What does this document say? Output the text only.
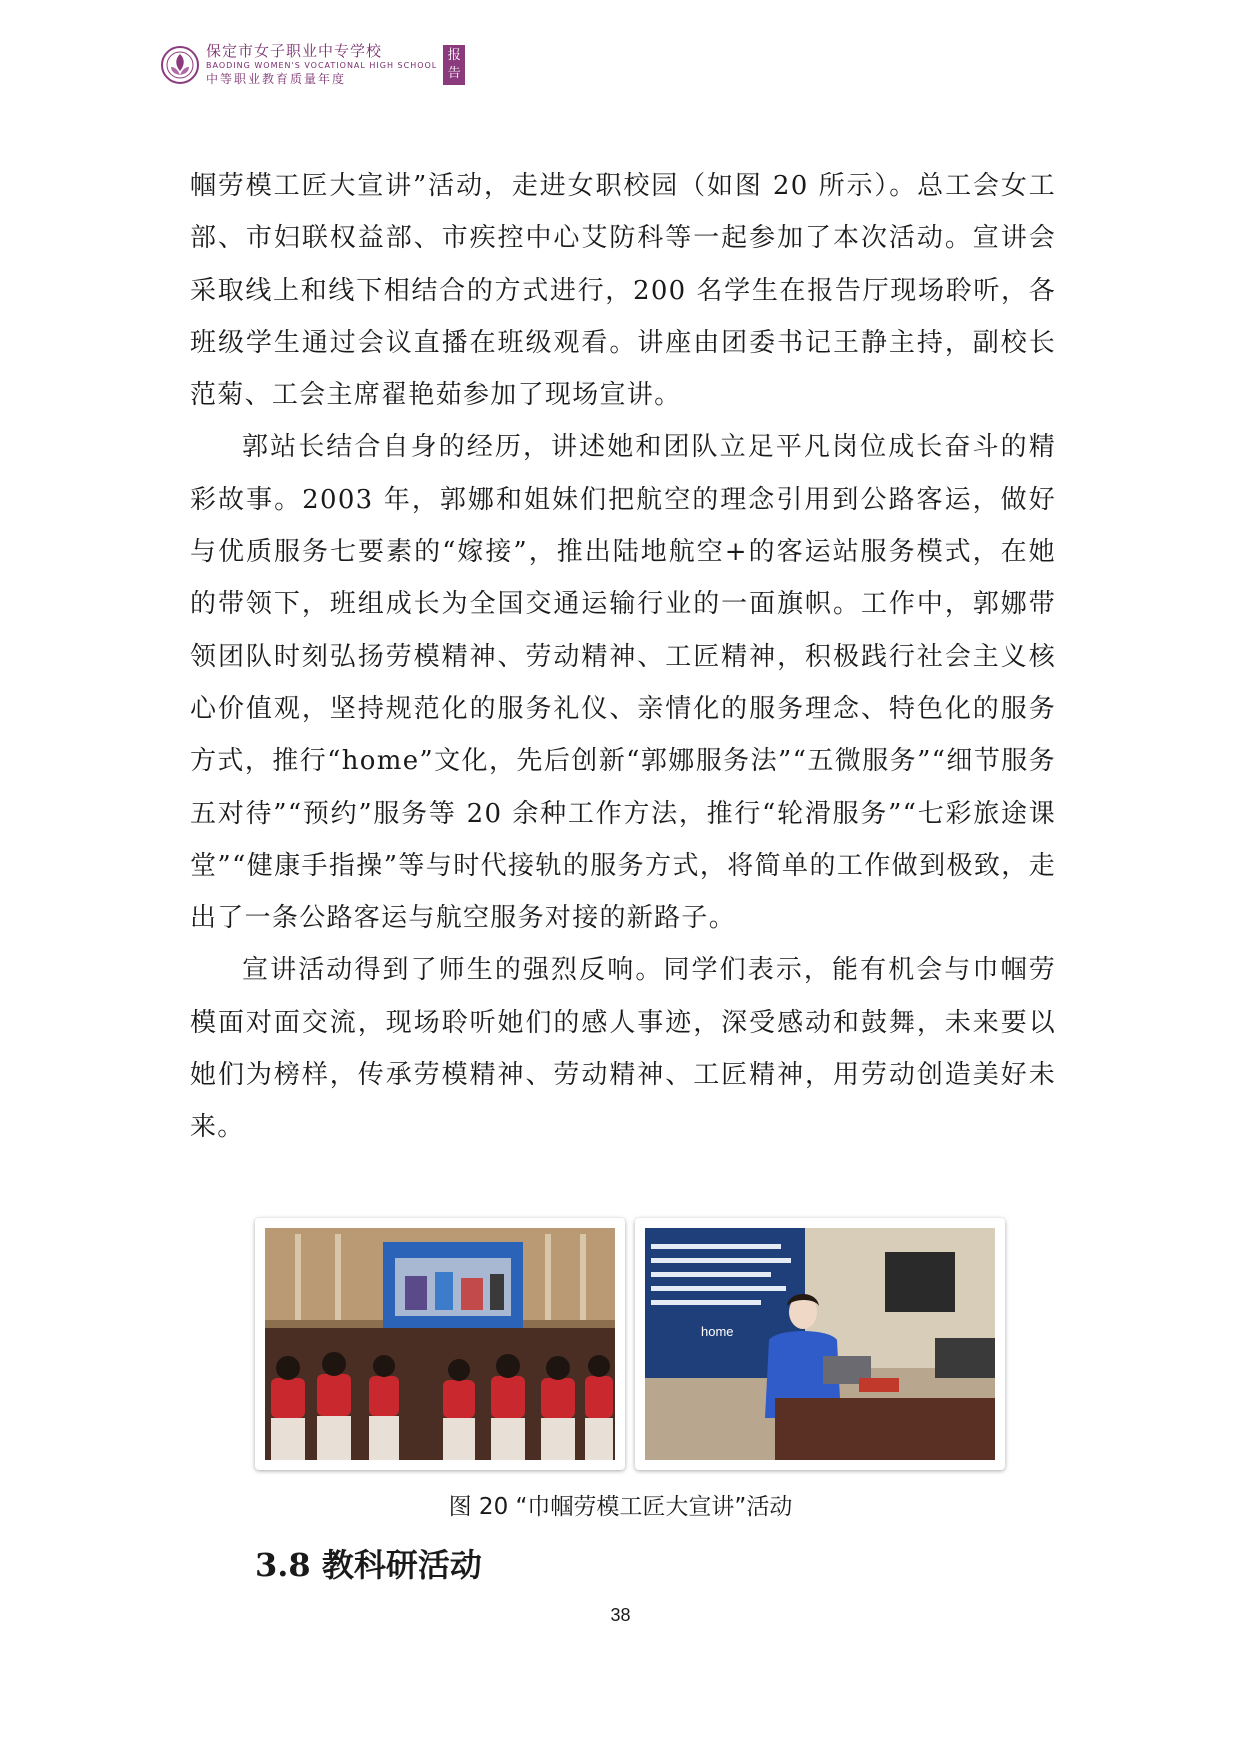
保定市女子职业中专学校
BAODING WOMEN'S VOCATIONAL HIGH SCHOOL
中等职业教育质量年度
报告

帼劳模工匠大宣讲”活动，走进女职校园（如图 20 所示）。总工会女工部、市妇联权益部、市疾控中心艾防科等一起参加了本次活动。宣讲会采取线上和线下相结合的方式进行，200 名学生在报告厅现场聆听，各班级学生通过会议直播在班级观看。讲座由团委书记王静主持，副校长范菊、工会主席翟艳茹参加了现场宣讲。

郭站长结合自身的经历，讲述她和团队立足平凡岗位成长奋斗的精彩故事。2003 年，郭娜和姐妹们把航空的理念引用到公路客运，做好与优质服务七要素的“嫁接”，推出陆地航空+的客运站服务模式，在她的带领下，班组成长为全国交通运输行业的一面旗帜。工作中，郭娜带领团队时刻弘扬劳模精神、劳动精神、工匠精神，积极践行社会主义核心价值观，坚持规范化的服务礼仪、亲情化的服务理念、特色化的服务方式，推行“home”文化，先后创新“郭娜服务法”“五微服务”“细节服务五对待”“预约”服务等 20 余种工作方法，推行“轮滑服务”“七彩旅途课堂”“健康手指操”等与时代接轨的服务方式，将简单的工作做到极致，走出了一条公路客运与航空服务对接的新路子。

宣讲活动得到了师生的强烈反响。同学们表示，能有机会与巾帼劳模面对面交流，现场聆听她们的感人事迹，深受感动和鼓舞，未来要以她们为榜样，传承劳模精神、劳动精神、工匠精神，用劳动创造美好未来。

home
图 20 “巾帼劳模工匠大宣讲”活动
3.8 教科研活动
38
